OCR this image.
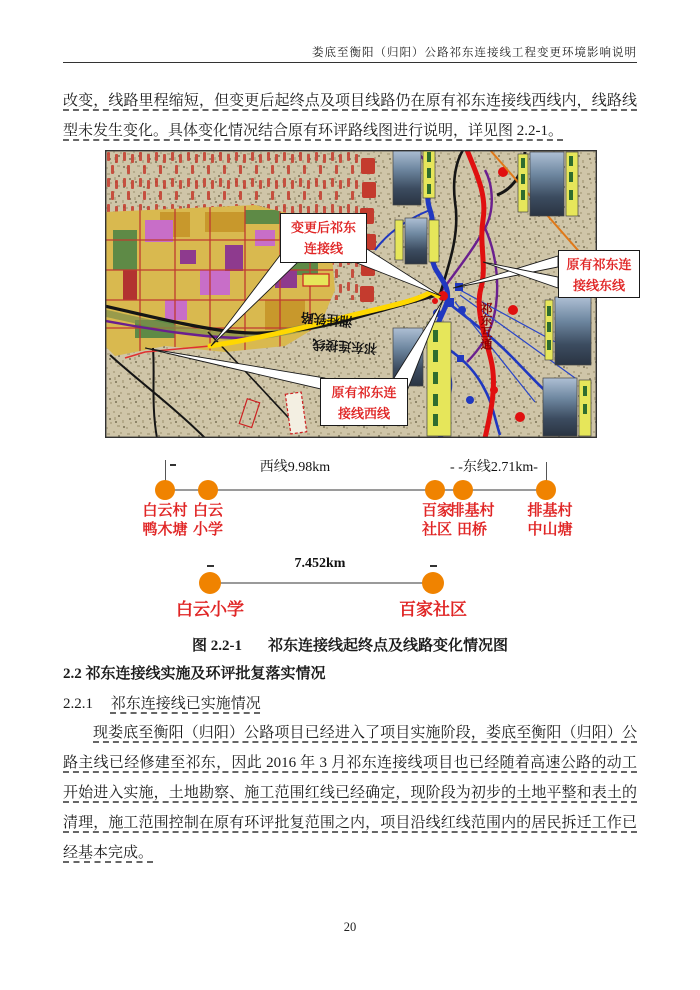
娄底至衡阳（归阳）公路祁东连接线工程变更环境影响说明
改变，线路里程缩短，但变更后起终点及项目线路仍在原有祁东连接线西线内，线路线型未发生变化。具体变化情况结合原有环评路线图进行说明，详见图 2.2-1。
祁东互通
湘桂铁路
祁东连接线
变更后祁东
连接线
原有祁东连
接线东线
原有祁东连
接线西线
西线9.98km	- -东线2.71km-
白云村
鸭木塘
白云
小学
百家
社区
排基村
田桥
排基村
中山塘
7.452km
白云小学	百家社区
图 2.2-1 祁东连接线起终点及线路变化情况图
2.2 祁东连接线实施及环评批复落实情况
2.2.1 祁东连接线已实施情况
现娄底至衡阳（归阳）公路项目已经进入了项目实施阶段，娄底至衡阳（归阳）公路主线已经修建至祁东，因此 2016 年 3 月祁东连接线项目也已经随着高速公路的动工开始进入实施，土地勘察、施工范围红线已经确定，现阶段为初步的土地平整和表土的清理，施工范围控制在原有环评批复范围之内，项目沿线红线范围内的居民拆迁工作已经基本完成。
20
